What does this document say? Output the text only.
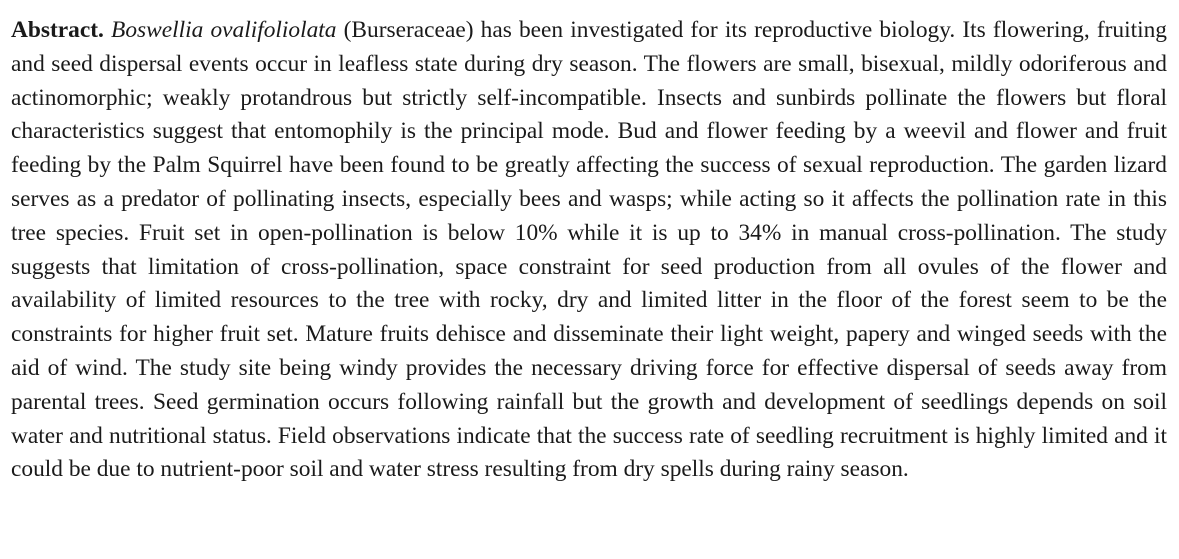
Abstract. Boswellia ovalifoliolata (Burseraceae) has been investigated for its reproductive biology. Its flowering, fruiting and seed dispersal events occur in leafless state during dry season. The flowers are small, bisexual, mildly odoriferous and actinomorphic; weakly protandrous but strictly self-incompatible. Insects and sunbirds pollinate the flowers but floral characteristics suggest that entomophily is the principal mode. Bud and flower feeding by a weevil and flower and fruit feeding by the Palm Squirrel have been found to be greatly affecting the success of sexual reproduction. The garden lizard serves as a predator of pollinating insects, especially bees and wasps; while acting so it affects the pollination rate in this tree species. Fruit set in open-pollination is below 10% while it is up to 34% in manual cross-pollination. The study suggests that limitation of cross-pollination, space constraint for seed production from all ovules of the flower and availability of limited resources to the tree with rocky, dry and limited litter in the floor of the forest seem to be the constraints for higher fruit set. Mature fruits dehisce and disseminate their light weight, papery and winged seeds with the aid of wind. The study site being windy provides the necessary driving force for effective dispersal of seeds away from parental trees. Seed germination occurs following rainfall but the growth and development of seedlings depends on soil water and nutritional status. Field observations indicate that the success rate of seedling recruitment is highly limited and it could be due to nutrient-poor soil and water stress resulting from dry spells during rainy season.
